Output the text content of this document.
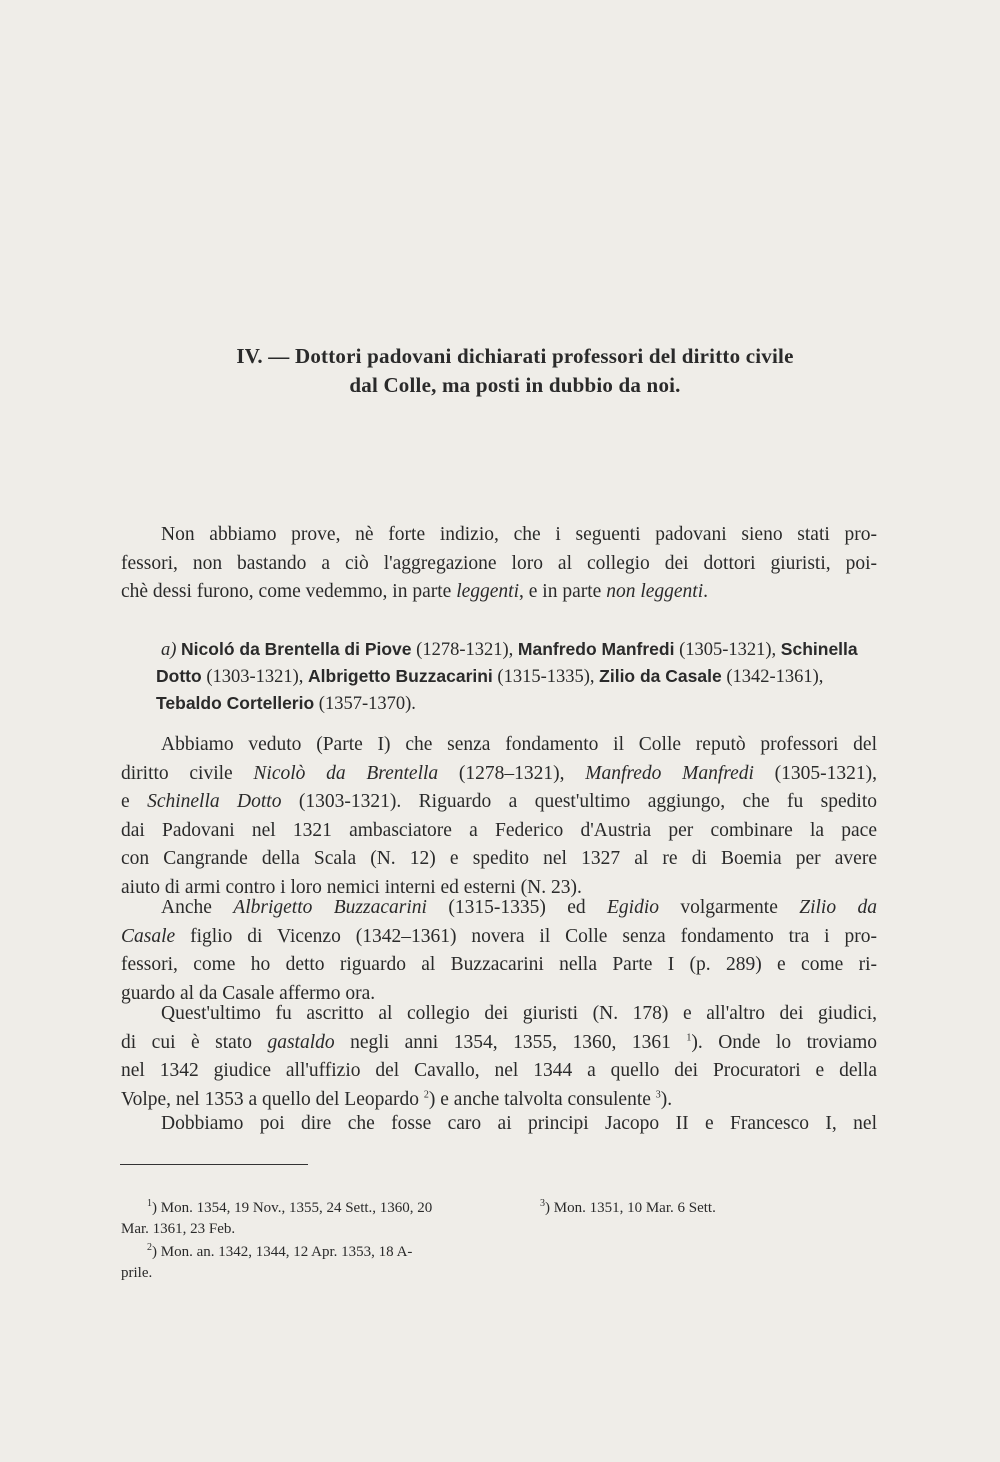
IV. — Dottori padovani dichiarati professori del diritto civile
dal Colle, ma posti in dubbio da noi.
Non abbiamo prove, nè forte indizio, che i seguenti padovani sieno stati pro-
fessori, non bastando a ciò l'aggregazione loro al collegio dei dottori giuristi, poi-
chè dessi furono, come vedemmo, in parte leggenti, e in parte non leggenti.
a) Nicoló da Brentella di Piove (1278-1321), Manfredo Manfredi (1305-1321), Schinella
Dotto (1303-1321), Albrigetto Buzzacarini (1315-1335), Zilio da Casale (1342-1361),
Tebaldo Cortellerio (1357-1370).
Abbiamo veduto (Parte I) che senza fondamento il Colle reputò professori del
diritto civile Nicolò da Brentella (1278–1321), Manfredo Manfredi (1305-1321),
e Schinella Dotto (1303-1321). Riguardo a quest'ultimo aggiungo, che fu spedito
dai Padovani nel 1321 ambasciatore a Federico d'Austria per combinare la pace
con Cangrande della Scala (N. 12) e spedito nel 1327 al re di Boemia per avere
aiuto di armi contro i loro nemici interni ed esterni (N. 23).
Anche Albrigetto Buzzacarini (1315-1335) ed Egidio volgarmente Zilio da
Casale figlio di Vicenzo (1342–1361) novera il Colle senza fondamento tra i pro-
fessori, come ho detto riguardo al Buzzacarini nella Parte I (p. 289) e come ri-
guardo al da Casale affermo ora.
Quest'ultimo fu ascritto al collegio dei giuristi (N. 178) e all'altro dei giudici,
di cui è stato gastaldo negli anni 1354, 1355, 1360, 1361 $^1$). Onde lo troviamo
nel 1342 giudice all'uffizio del Cavallo, nel 1344 a quello dei Procuratori e della
Volpe, nel 1353 a quello del Leopardo $^2$) e anche talvolta consulente $^3$).
Dobbiamo poi dire che fosse caro ai principi Jacopo II e Francesco I, nel
$^1$) Mon. 1354, 19 Nov., 1355, 24 Sett., 1360, 20
Mar. 1361, 23 Feb.
$^2$) Mon. an. 1342, 1344, 12 Apr. 1353, 18 A-
prile.
$^3$) Mon. 1351, 10 Mar. 6 Sett.
